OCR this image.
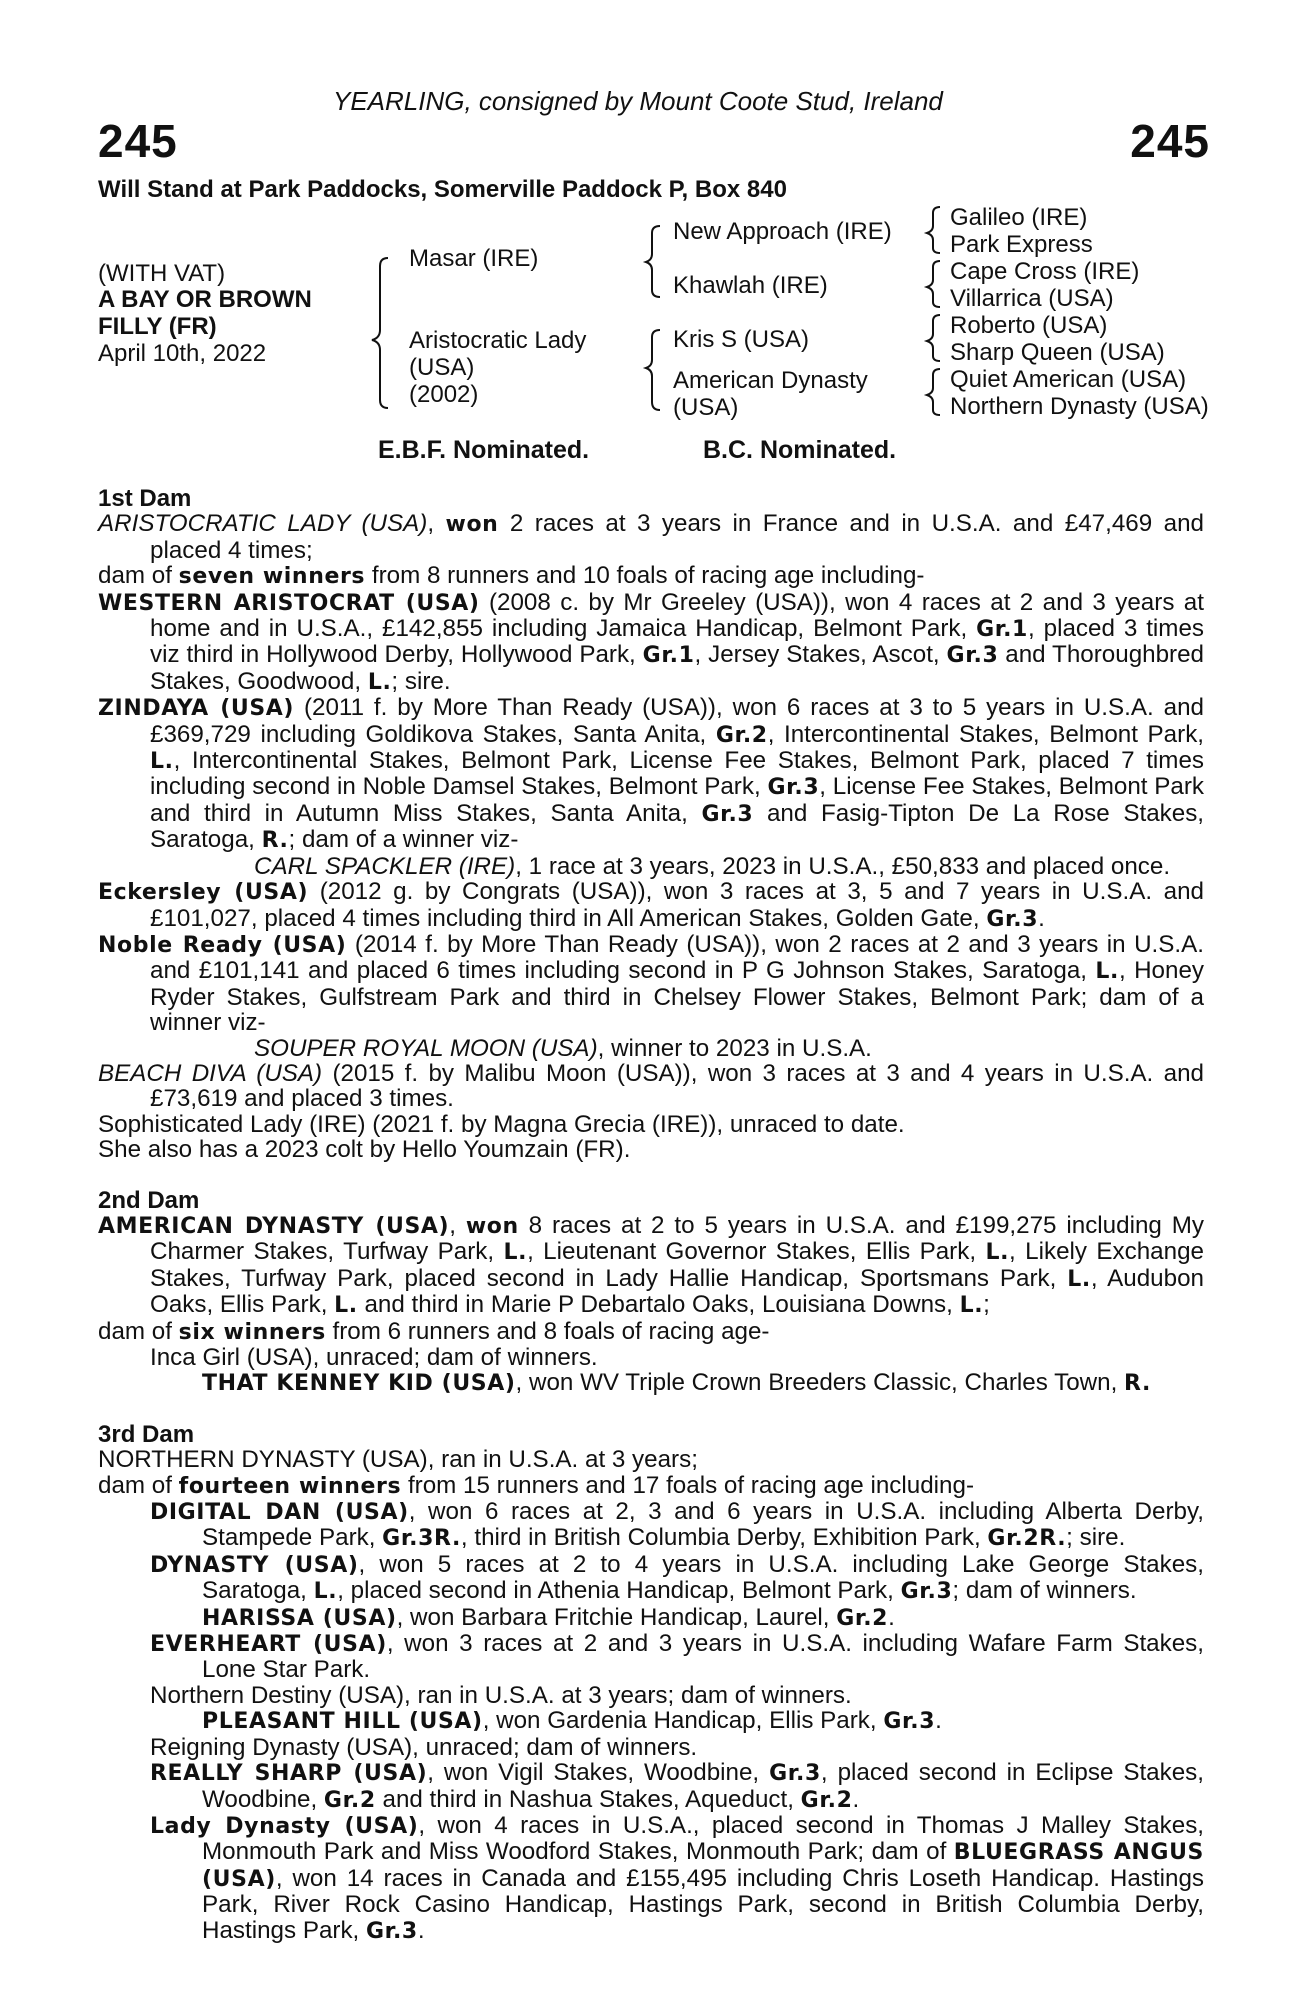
YEARLING, consigned by Mount Coote Stud, Ireland
245	245
Will Stand at Park Paddocks, Somerville Paddock P, Box 840
(WITH VAT)
A BAY OR BROWN
FILLY (FR)
April 10th, 2022
Masar (IRE)
Aristocratic Lady
(USA)
(2002)
New Approach (IRE)
Khawlah (IRE)
Kris S (USA)
American Dynasty
(USA)
Galileo (IRE)
Park Express
Cape Cross (IRE)
Villarrica (USA)
Roberto (USA)
Sharp Queen (USA)
Quiet American (USA)
Northern Dynasty (USA)
E.B.F. Nominated.	B.C. Nominated.

1st Dam

ARISTOCRATIC LADY (USA), won 2 races at 3 years in France and in U.S.A. and £47,469 and placed 4 times;

dam of seven winners from 8 runners and 10 foals of racing age including-

WESTERN ARISTOCRAT (USA) (2008 c. by Mr Greeley (USA)), won 4 races at 2 and 3 years at home and in U.S.A., £142,855 including Jamaica Handicap, Belmont Park, Gr.1, placed 3 times viz third in Hollywood Derby, Hollywood Park, Gr.1, Jersey Stakes, Ascot, Gr.3 and Thoroughbred Stakes, Goodwood, L.; sire.

ZINDAYA (USA) (2011 f. by More Than Ready (USA)), won 6 races at 3 to 5 years in U.S.A. and £369,729 including Goldikova Stakes, Santa Anita, Gr.2, Intercontinental Stakes, Belmont Park, L., Intercontinental Stakes, Belmont Park, License Fee Stakes, Belmont Park, placed 7 times including second in Noble Damsel Stakes, Belmont Park, Gr.3, License Fee Stakes, Belmont Park and third in Autumn Miss Stakes, Santa Anita, Gr.3 and Fasig-Tipton De La Rose Stakes, Saratoga, R.; dam of a winner viz-

CARL SPACKLER (IRE), 1 race at 3 years, 2023 in U.S.A., £50,833 and placed once.

Eckersley (USA) (2012 g. by Congrats (USA)), won 3 races at 3, 5 and 7 years in U.S.A. and £101,027, placed 4 times including third in All American Stakes, Golden Gate, Gr.3.

Noble Ready (USA) (2014 f. by More Than Ready (USA)), won 2 races at 2 and 3 years in U.S.A. and £101,141 and placed 6 times including second in P G Johnson Stakes, Saratoga, L., Honey Ryder Stakes, Gulfstream Park and third in Chelsey Flower Stakes, Belmont Park; dam of a winner viz-

SOUPER ROYAL MOON (USA), winner to 2023 in U.S.A.

BEACH DIVA (USA) (2015 f. by Malibu Moon (USA)), won 3 races at 3 and 4 years in U.S.A. and £73,619 and placed 3 times.

Sophisticated Lady (IRE) (2021 f. by Magna Grecia (IRE)), unraced to date.

She also has a 2023 colt by Hello Youmzain (FR).

2nd Dam

AMERICAN DYNASTY (USA), won 8 races at 2 to 5 years in U.S.A. and £199,275 including My Charmer Stakes, Turfway Park, L., Lieutenant Governor Stakes, Ellis Park, L., Likely Exchange Stakes, Turfway Park, placed second in Lady Hallie Handicap, Sportsmans Park, L., Audubon Oaks, Ellis Park, L. and third in Marie P Debartalo Oaks, Louisiana Downs, L.;

dam of six winners from 6 runners and 8 foals of racing age-

Inca Girl (USA), unraced; dam of winners.

THAT KENNEY KID (USA), won WV Triple Crown Breeders Classic, Charles Town, R.

3rd Dam

NORTHERN DYNASTY (USA), ran in U.S.A. at 3 years;

dam of fourteen winners from 15 runners and 17 foals of racing age including-

DIGITAL DAN (USA), won 6 races at 2, 3 and 6 years in U.S.A. including Alberta Derby, Stampede Park, Gr.3R., third in British Columbia Derby, Exhibition Park, Gr.2R.; sire.

DYNASTY (USA), won 5 races at 2 to 4 years in U.S.A. including Lake George Stakes, Saratoga, L., placed second in Athenia Handicap, Belmont Park, Gr.3; dam of winners.

HARISSA (USA), won Barbara Fritchie Handicap, Laurel, Gr.2.

EVERHEART (USA), won 3 races at 2 and 3 years in U.S.A. including Wafare Farm Stakes, Lone Star Park.

Northern Destiny (USA), ran in U.S.A. at 3 years; dam of winners.

PLEASANT HILL (USA), won Gardenia Handicap, Ellis Park, Gr.3.

Reigning Dynasty (USA), unraced; dam of winners.

REALLY SHARP (USA), won Vigil Stakes, Woodbine, Gr.3, placed second in Eclipse Stakes, Woodbine, Gr.2 and third in Nashua Stakes, Aqueduct, Gr.2.

Lady Dynasty (USA), won 4 races in U.S.A., placed second in Thomas J Malley Stakes, Monmouth Park and Miss Woodford Stakes, Monmouth Park; dam of BLUEGRASS ANGUS (USA), won 14 races in Canada and £155,495 including Chris Loseth Handicap. Hastings Park, River Rock Casino Handicap, Hastings Park, second in British Columbia Derby, Hastings Park, Gr.3.
